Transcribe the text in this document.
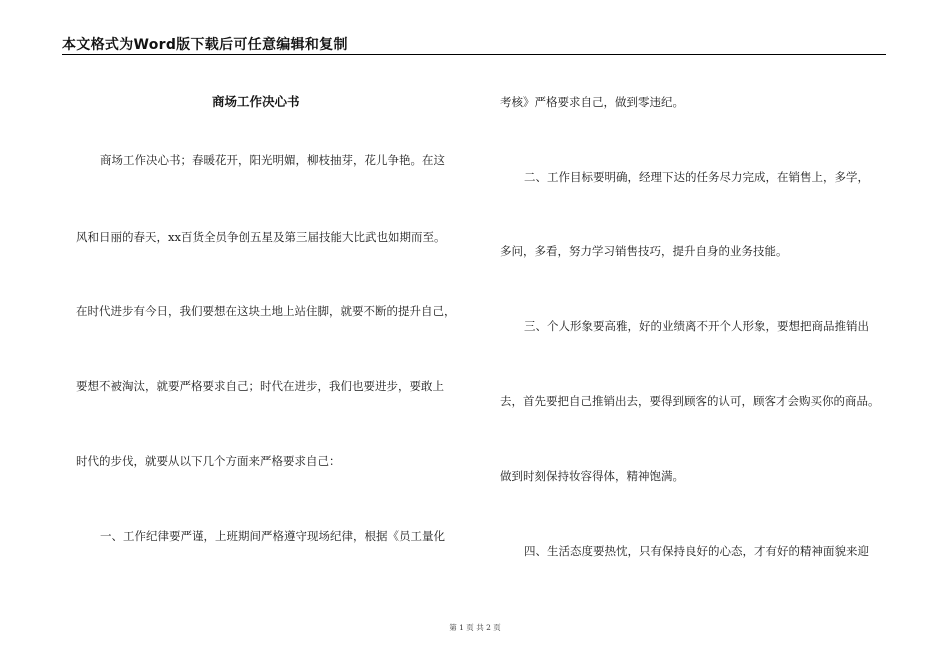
本文格式为Word版下载后可任意编辑和复制
商场工作决心书
商场工作决心书；春暖花开，阳光明媚，柳枝抽芽，花儿争艳。在这
风和日丽的春天，xx百货全员争创五星及第三届技能大比武也如期而至。
在时代进步有今日，我们要想在这块土地上站住脚，就要不断的提升自己，
要想不被淘汰，就要严格要求自己；时代在进步，我们也要进步，要敢上
时代的步伐，就要从以下几个方面来严格要求自己：
一、工作纪律要严谨，上班期间严格遵守现场纪律，根据《员工量化
考核》严格要求自己，做到零违纪。
二、工作目标要明确，经理下达的任务尽力完成，在销售上，多学，
多问，多看，努力学习销售技巧，提升自身的业务技能。
三、个人形象要高雅，好的业绩离不开个人形象，要想把商品推销出
去，首先要把自己推销出去，要得到顾客的认可，顾客才会购买你的商品。
做到时刻保持妆容得体，精神饱满。
四、生活态度要热忱，只有保持良好的心态，才有好的精神面貌来迎
第 1 页 共 2 页
